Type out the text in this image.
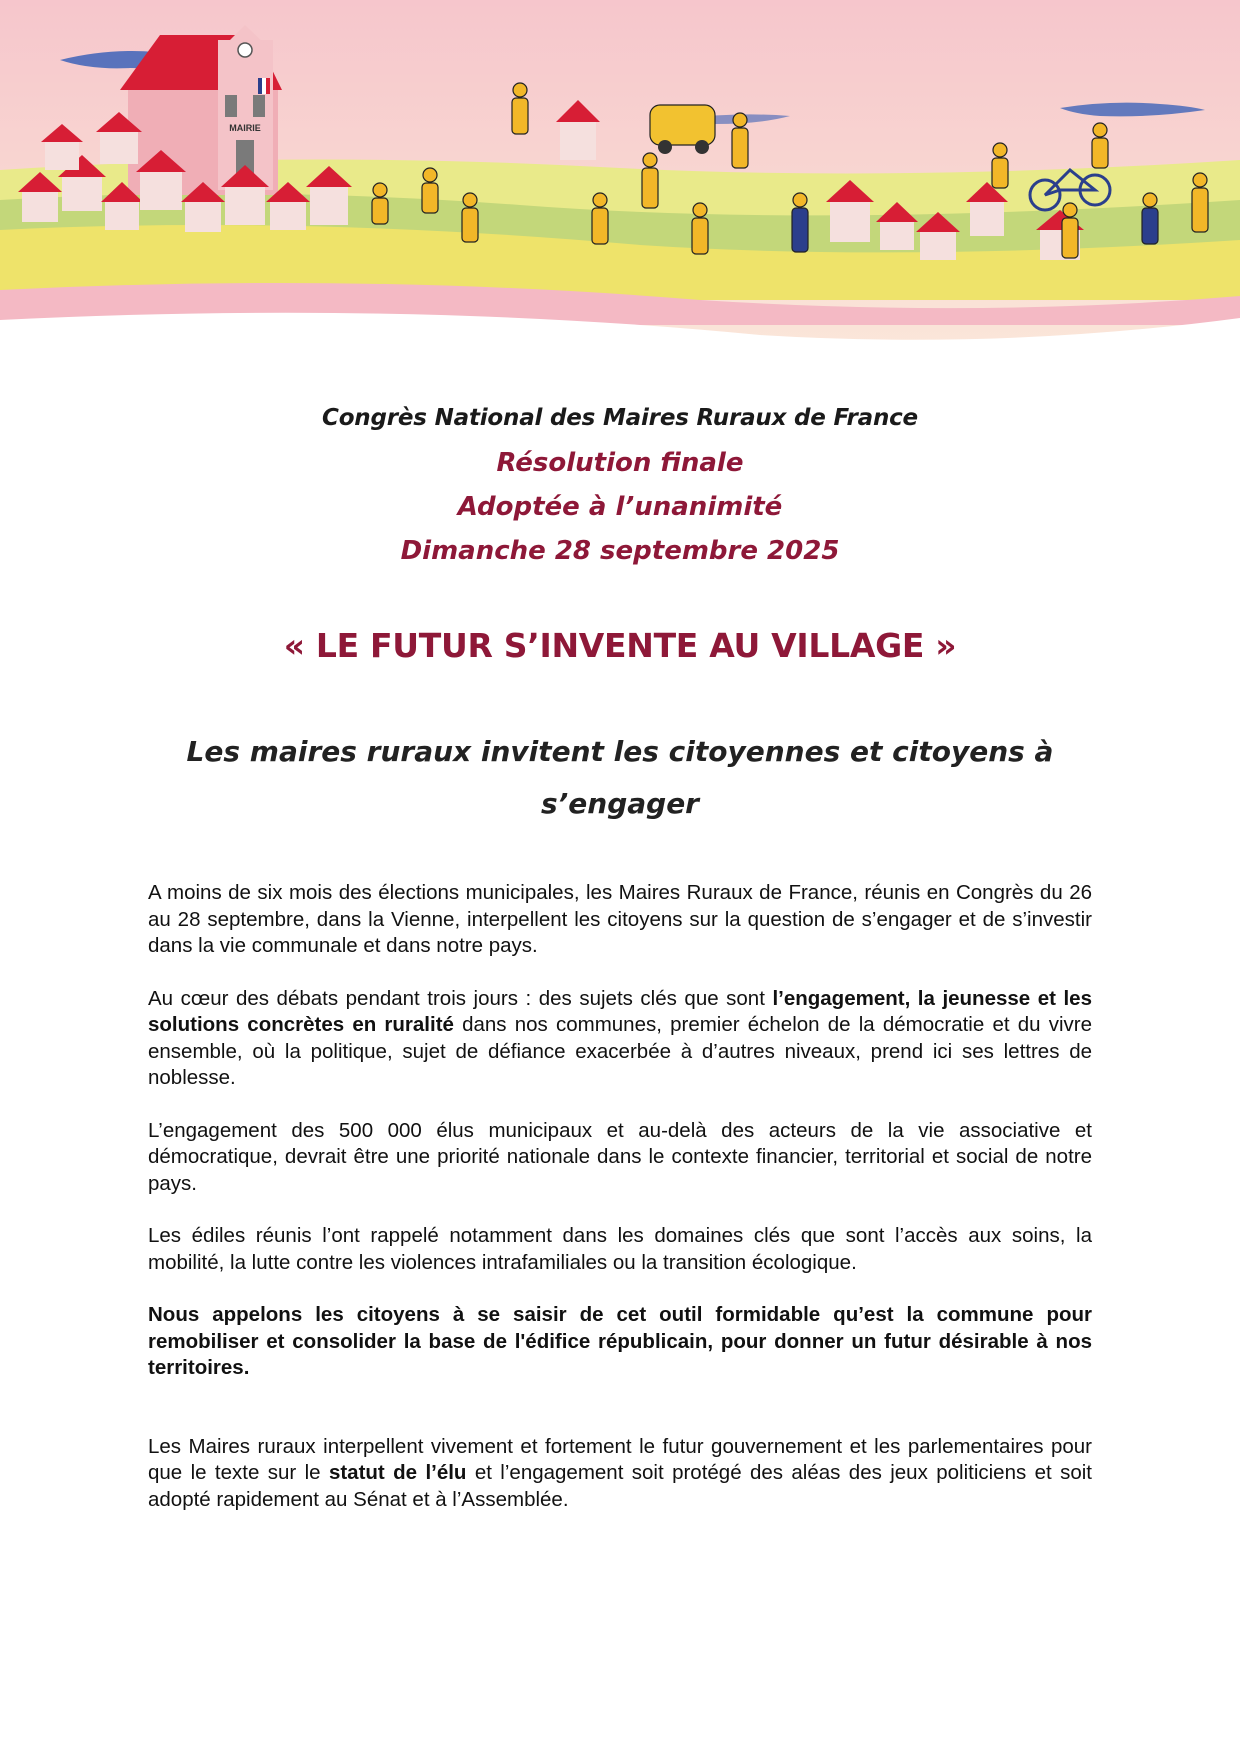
MAIRIE
Congrès National des Maires Ruraux de France
Résolution finale
Adoptée à l’unanimité
Dimanche 28 septembre 2025
« LE FUTUR S’INVENTE AU VILLAGE »
Les maires ruraux invitent les citoyennes et citoyens à
s’engager

A moins de six mois des élections municipales, les Maires Ruraux de France, réunis en Congrès du 26 au 28 septembre, dans la Vienne, interpellent les citoyens sur la question de s’engager et de s’investir dans la vie communale et dans notre pays.

Au cœur des débats pendant trois jours : des sujets clés que sont l’engagement, la jeunesse et les solutions concrètes en ruralité dans nos communes, premier échelon de la démocratie et du vivre ensemble, où la politique, sujet de défiance exacerbée à d’autres niveaux, prend ici ses lettres de noblesse.

L’engagement des 500 000 élus municipaux et au-delà des acteurs de la vie associative et démocratique, devrait être une priorité nationale dans le contexte financier, territorial et social de notre pays.

Les édiles réunis l’ont rappelé notamment dans les domaines clés que sont l’accès aux soins, la mobilité, la lutte contre les violences intrafamiliales ou la transition écologique.

Nous appelons les citoyens à se saisir de cet outil formidable qu’est la commune pour remobiliser et consolider la base de l'édifice républicain, pour donner un futur désirable à nos territoires.

Les Maires ruraux interpellent vivement et fortement le futur gouvernement et les parlementaires pour que le texte sur le statut de l’élu et l’engagement soit protégé des aléas des jeux politiciens et soit adopté rapidement au Sénat et à l’Assemblée.
